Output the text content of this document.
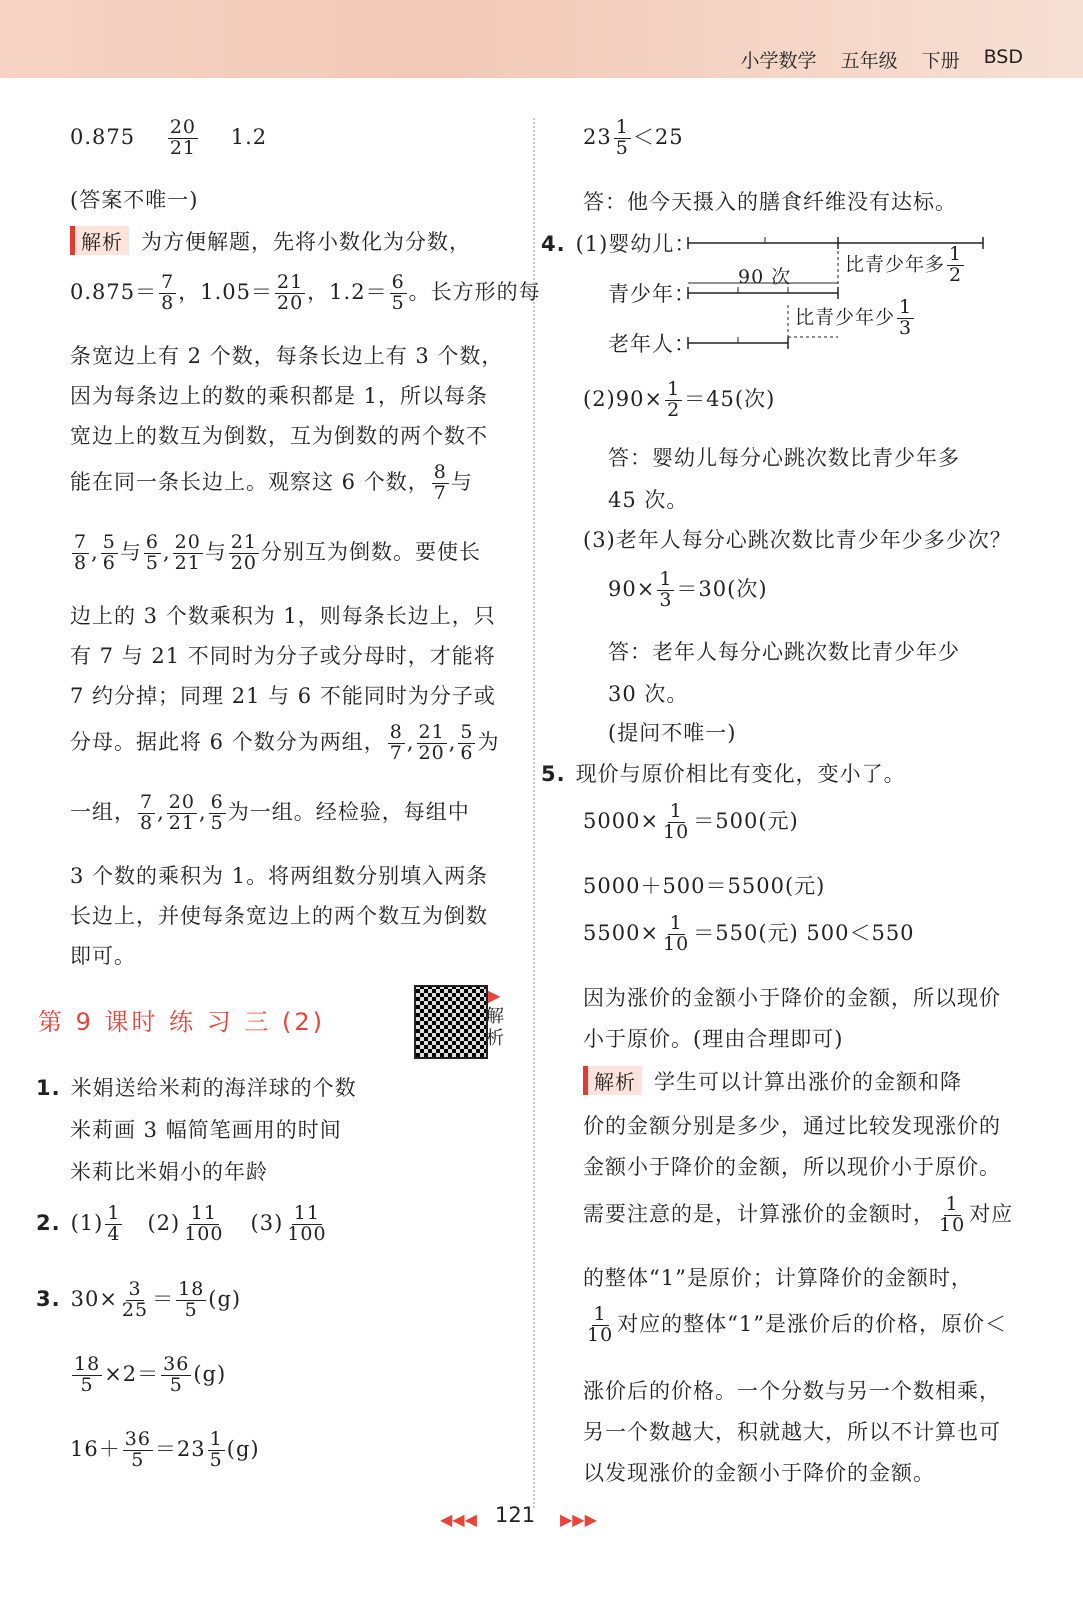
小学数学 五年级 下册 BSD
$0.875 \frac{20}{21} 1.2$
(答案不唯一)
解析 为方便解题，先将小数化为分数，
$0.875= \frac{7}{8}$ ，$1.05= \frac{21}{20}$ ，$1.2= \frac{6}{5}$ 。长方形的每
条宽边上有 2 个数，每条长边上有 3 个数，
因为每条边上的数的乘积都是 1，所以每条
宽边上的数互为倒数，互为倒数的两个数不
能在同一条长边上。观察这 6 个数， $\frac{8}{7}$ 与
$\frac{7}{8}$ , $\frac{5}{6}$ 与 $\frac{6}{5}$ , $\frac{20}{21}$ 与 $\frac{21}{20}$ 分别互为倒数。要使长
边上的 3 个数乘积为 1，则每条长边上，只
有 7 与 21 不同时为分子或分母时，才能将
7 约分掉；同理 21 与 6 不能同时为分子或
分母。据此将 6 个数分为两组， $\frac{8}{7}$ , $\frac{21}{20}$ , $\frac{5}{6}$ 为
一组， $\frac{7}{8}$ , $\frac{20}{21}$ , $\frac{6}{5}$ 为一组。经检验，每组中
3 个数的乘积为 1。将两组数分别填入两条
长边上，并使每条宽边上的两个数互为倒数
即可。
第 9 课时 练 习 三 (2)
▶
解析
1. 米娟送给米莉的海洋球的个数
米莉画 3 幅简笔画用的时间
米莉比米娟小的年龄
2. $(1) \frac{1}{4} (2) \frac{11}{100} (3) \frac{11}{100}$
3. $30\times \frac{3}{25} = \frac{18}{5} (g)$
$\frac{18}{5} \times 2= \frac{36}{5} (g)$
$16+ \frac{36}{5} =23 \frac{1}{5} (g)$
$23 \frac{1}{5} <25$
答：他今天摄入的膳食纤维没有达标。
4. (1)婴幼儿：
青少年：
老年人：
90 次
比青少年多 $\frac{1}{2}$
比青少年少 $\frac{1}{3}$
$(2)90\times \frac{1}{2} =45$(次)
答：婴幼儿每分心跳次数比青少年多
45 次。
(3)老年人每分心跳次数比青少年少多少次？
$90\times \frac{1}{3} =30$(次)
答：老年人每分心跳次数比青少年少
30 次。
(提问不唯一)
5. 现价与原价相比有变化，变小了。
$5000\times \frac{1}{10} =500$(元)
5000＋500＝5500(元)
$5500\times \frac{1}{10} =550$(元) 500＜550
因为涨价的金额小于降价的金额，所以现价
小于原价。(理由合理即可)
解析 学生可以计算出涨价的金额和降
价的金额分别是多少，通过比较发现涨价的
金额小于降价的金额，所以现价小于原价。
需要注意的是，计算涨价的金额时， $\frac{1}{10}$ 对应
的整体“1”是原价；计算降价的金额时，
$\frac{1}{10}$ 对应的整体“1”是涨价后的价格，原价＜
涨价后的价格。一个分数与另一个数相乘，
另一个数越大，积就越大，所以不计算也可
以发现涨价的金额小于降价的金额。
◀◀◀ 121 ▶▶▶
